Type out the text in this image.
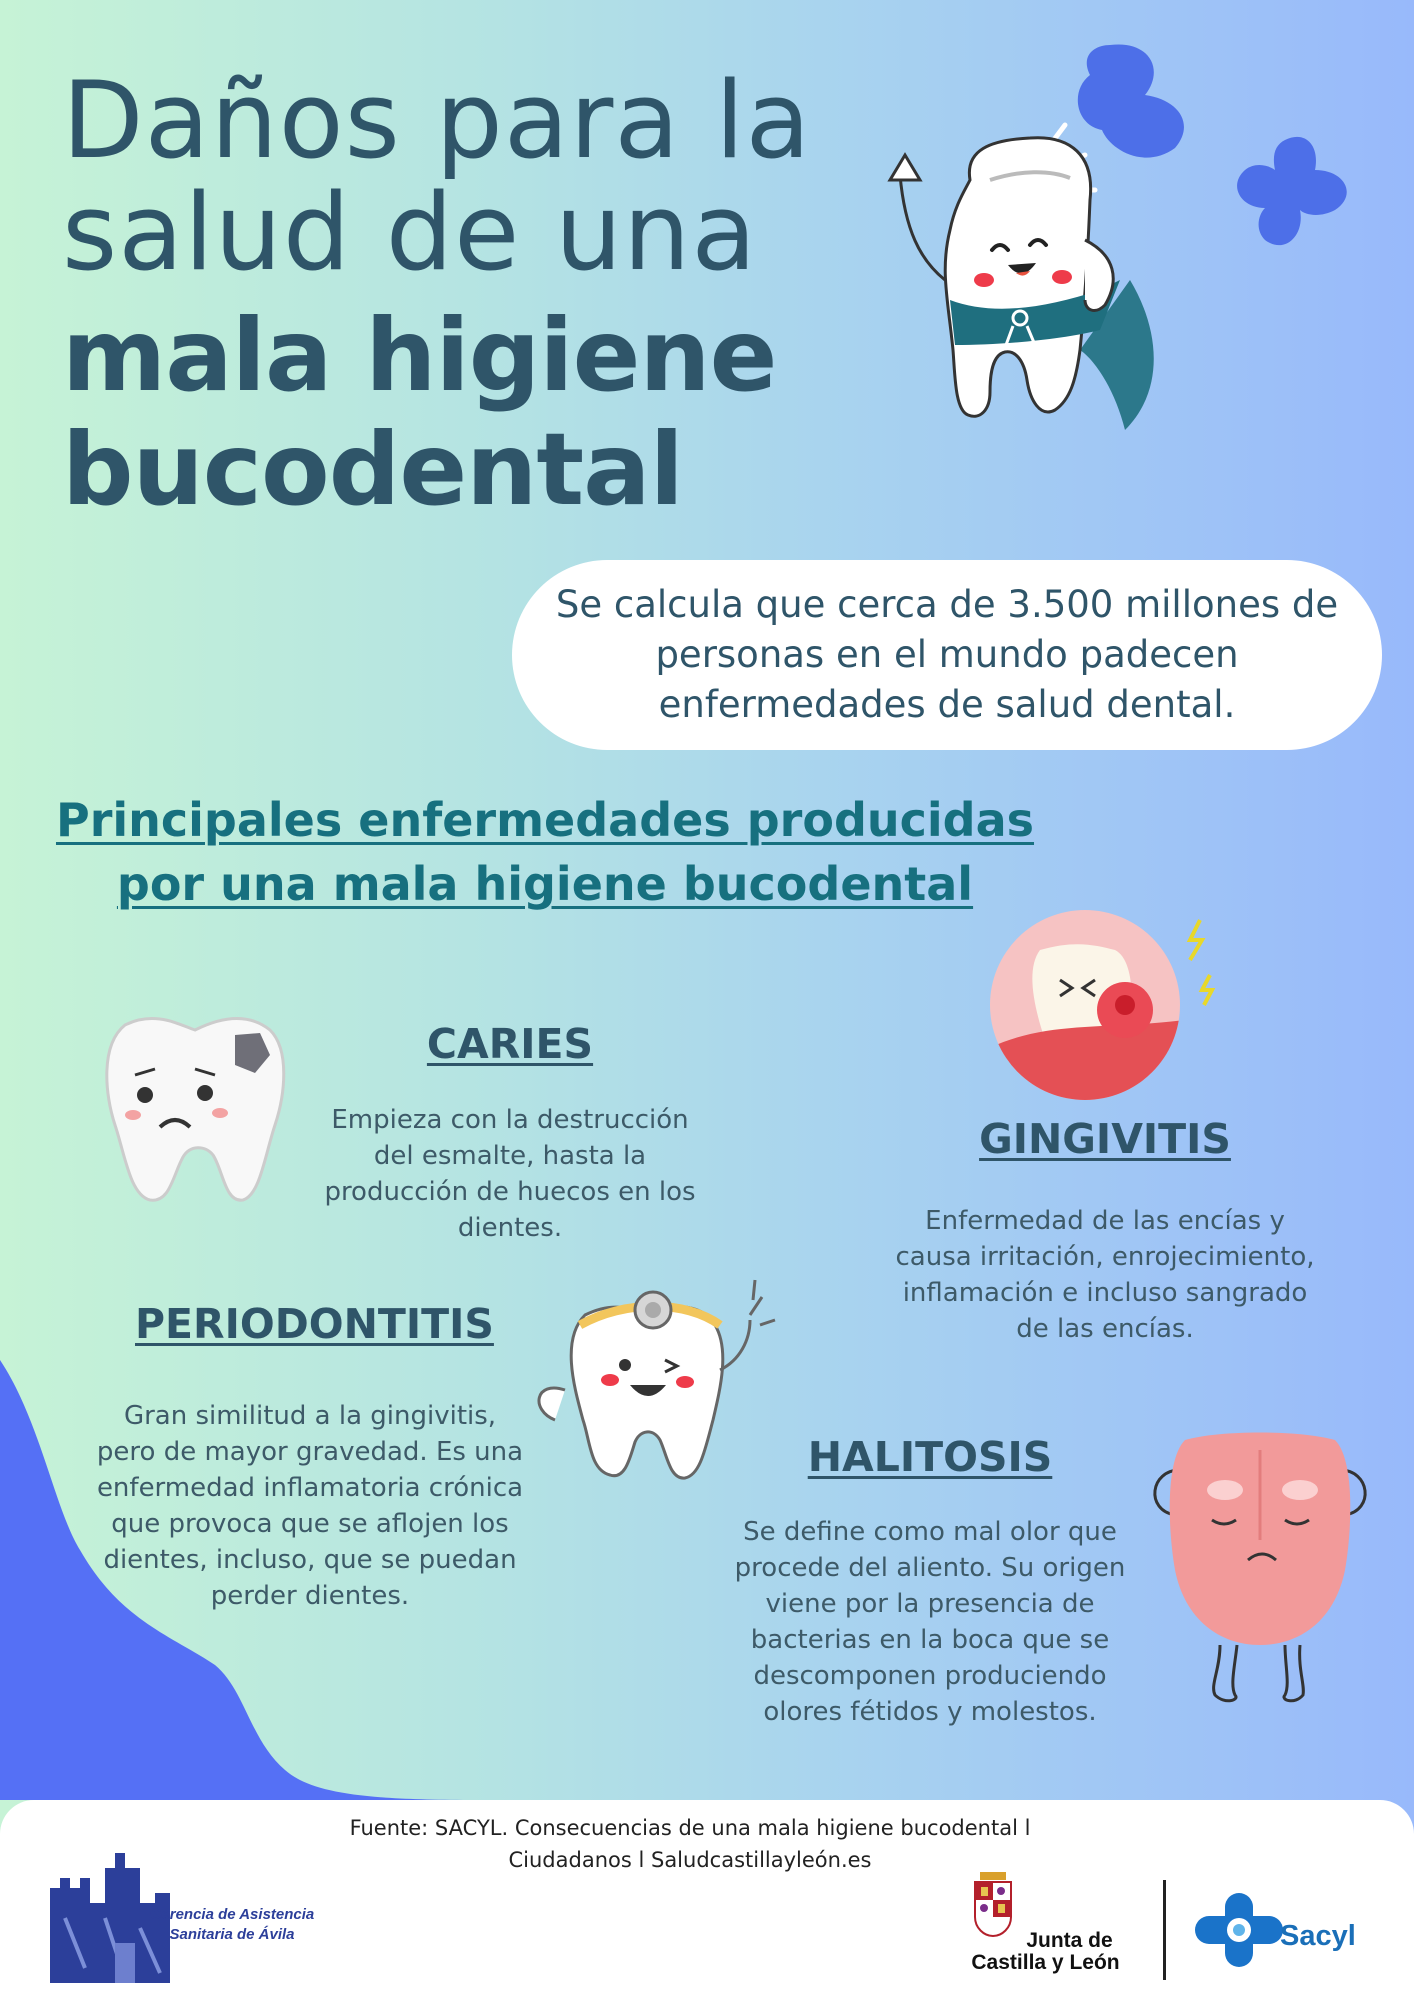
Daños para la
salud de una
mala higiene
bucodental
Se calcula que cerca de 3.500 millones de personas en el mundo padecen enfermedades de salud dental.
Principales enfermedades producidas
por una mala higiene bucodental
CARIES
Empieza con la destrucción del esmalte, hasta la producción de huecos en los dientes.
GINGIVITIS
Enfermedad de las encías y causa irritación, enrojecimiento, inflamación e incluso sangrado de las encías.
PERIODONTITIS
Gran similitud a la gingivitis, pero de mayor gravedad. Es una enfermedad inflamatoria crónica que provoca que se aflojen los dientes, incluso, que se puedan perder dientes.
HALITOSIS
Se define como mal olor que procede del aliento. Su origen viene por la presencia de bacterias en la boca que se descomponen produciendo olores fétidos y molestos.
Fuente: SACYL. Consecuencias de una mala higiene bucodental l Ciudadanos l Saludcastillayleón.es
Gerencia de Asistencia
Sanitaria de Ávila	Junta de
Castilla y León
Sacyl
